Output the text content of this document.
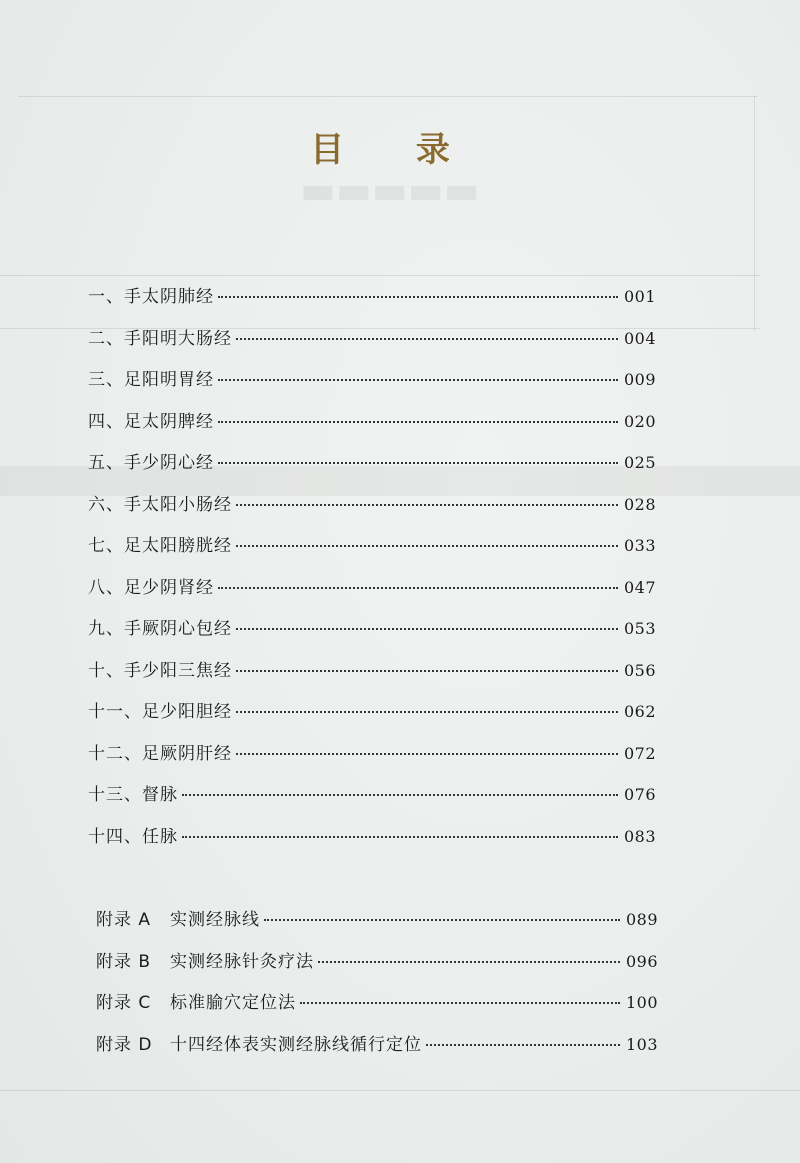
▬▬▬▬▬
目 录
一、手太阴肺经	001
二、手阳明大肠经	004
三、足阳明胃经	009
四、足太阴脾经	020
五、手少阴心经	025
六、手太阳小肠经	028
七、足太阳膀胱经	033
八、足少阴肾经	047
九、手厥阴心包经	053
十、手少阳三焦经	056
十一、足少阳胆经	062
十二、足厥阴肝经	072
十三、督脉	076
十四、任脉	083
附录 A	实测经脉线	089
附录 B	实测经脉针灸疗法	096
附录 C	标准腧穴定位法	100
附录 D	十四经体表实测经脉线循行定位	103
